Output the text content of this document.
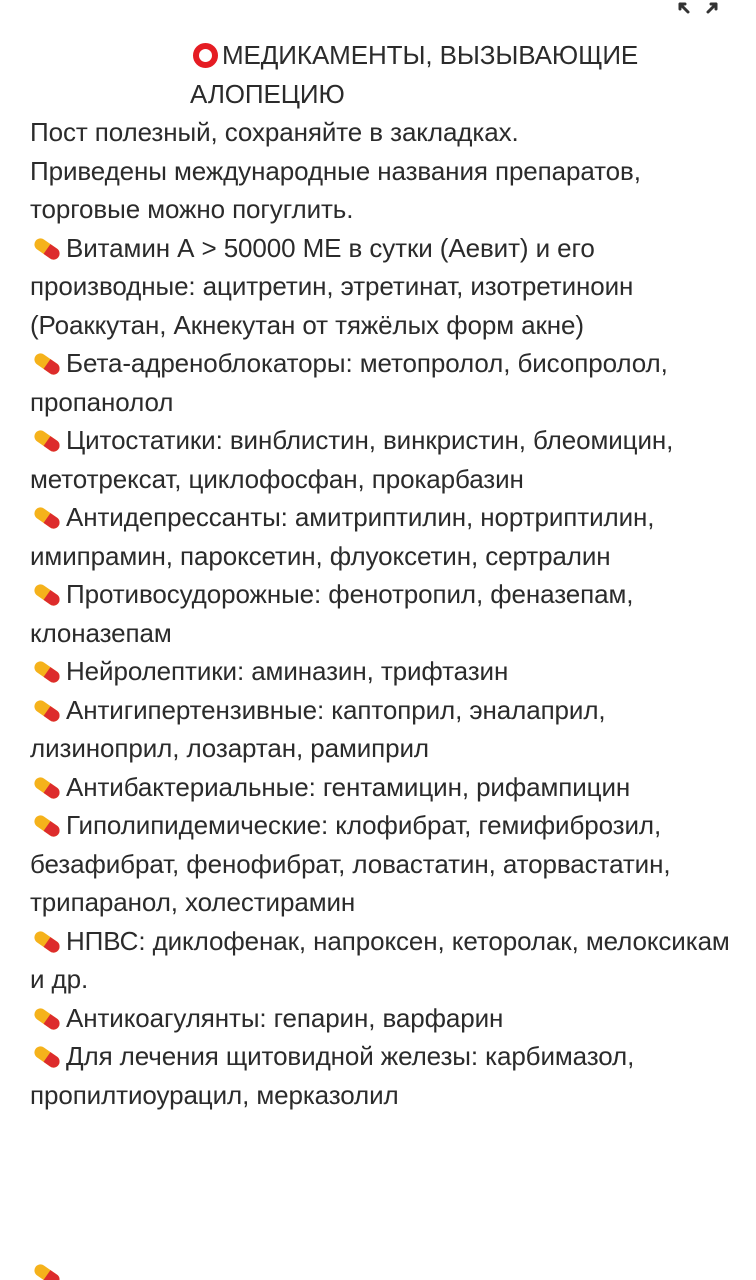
МЕДИКАМЕНТЫ, ВЫЗЫВАЮЩИЕ АЛОПЕЦИЮ
Пост полезный, сохраняйте в закладках.
Приведены международные названия препаратов, торговые можно погуглить.
Витамин А > 50000 МЕ в сутки (Аевит) и его производные: ацитретин, этретинат, изотретиноин (Роаккутан, Акнекутан от тяжёлых форм акне)
Бета-адреноблокаторы: метопролол, бисопролол, пропанолол
Цитостатики: винблистин, винкристин, блеомицин, метотрексат, циклофосфан, прокарбазин
Антидепрессанты: амитриптилин, нортриптилин, имипрамин, пароксетин, флуоксетин, сертралин
Противосудорожные: фенотропил, феназепам, клоназепам
Нейролептики: аминазин, трифтазин
Антигипертензивные: каптоприл, эналаприл, лизиноприл, лозартан, рамиприл
Антибактериальные: гентамицин, рифампицин
Гиполипидемические: клофибрат, гемифиброзил, безафибрат, фенофибрат, ловастатин, аторвастатин, трипаранол, холестирамин
НПВС: диклофенак, напроксен, кеторолак, мелоксикам и др.
Антикоагулянты: гепарин, варфарин
Для лечения щитовидной железы: карбимазол, пропилтиоурацил, мерказолил
